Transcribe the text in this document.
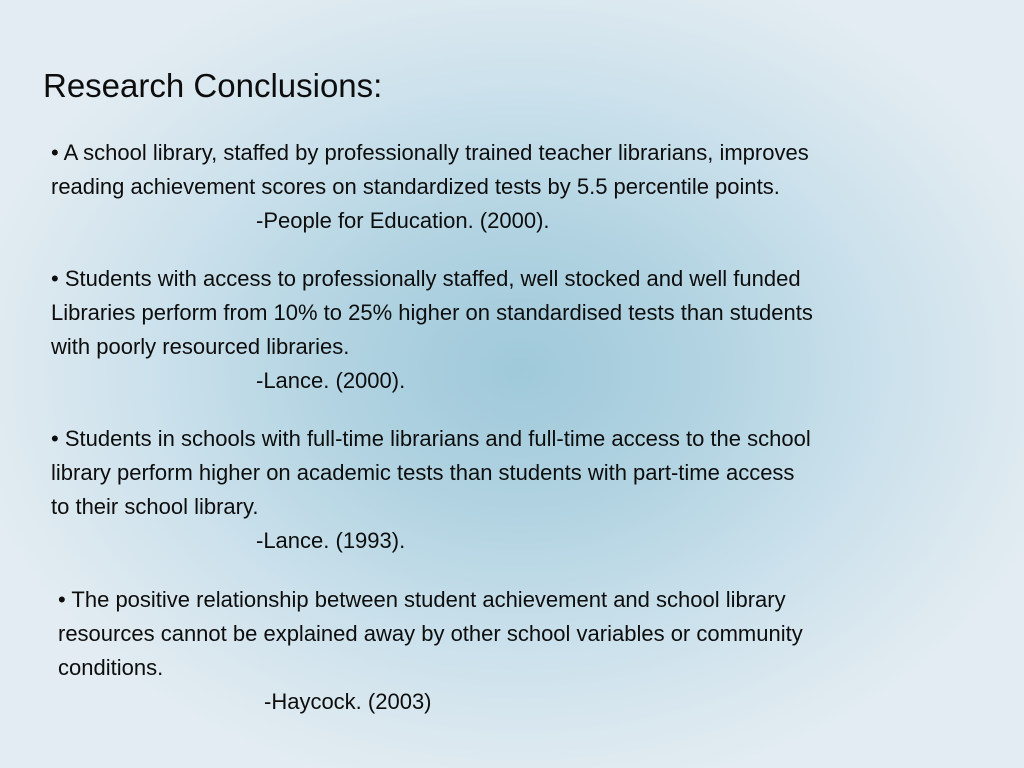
Research Conclusions:

• A school library, staffed by professionally trained teacher librarians, improves

reading achievement scores on standardized tests by 5.5 percentile points.

-People for Education. (2000).

• Students with access to professionally staffed, well stocked and well funded

Libraries perform from 10% to 25% higher on standardised tests than students

with poorly resourced libraries.

-Lance. (2000).

• Students in schools with full-time librarians and full-time access to the school

library perform higher on academic tests than students with part-time access

to their school library.

-Lance. (1993).

• The positive relationship between student achievement and school library

resources cannot be explained away by other school variables or community

conditions.

-Haycock. (2003)
